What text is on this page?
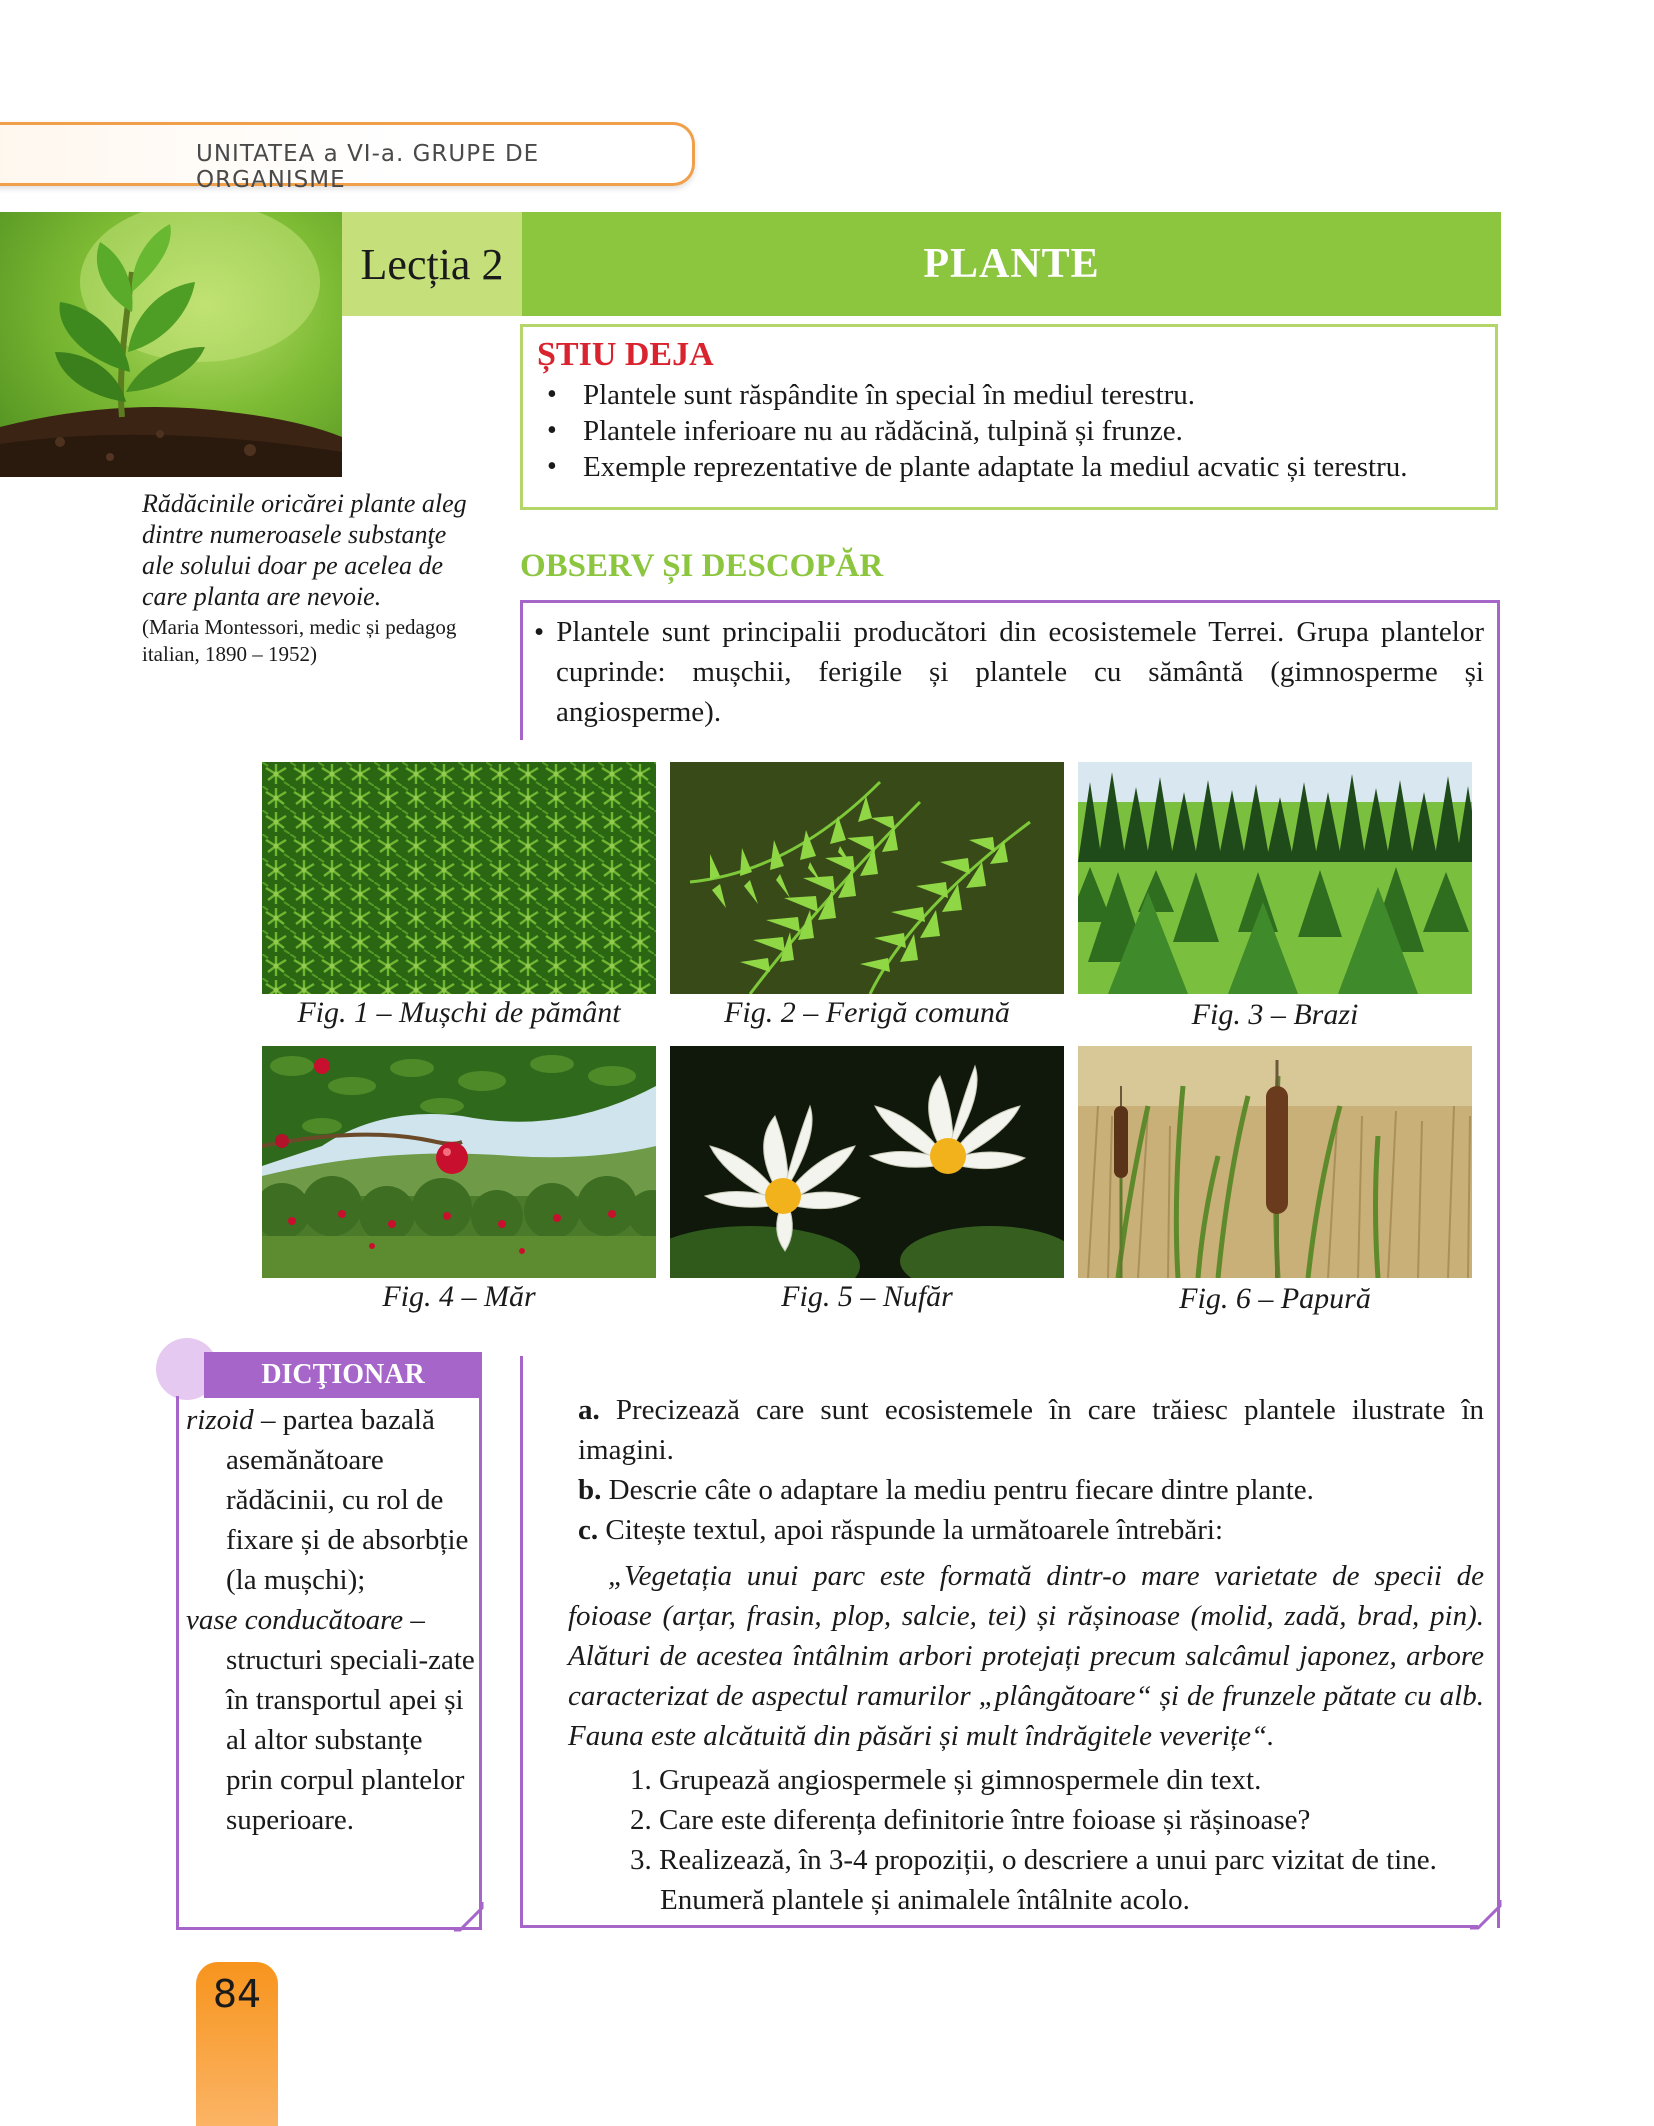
UNITATEA a VI-a. GRUPE DE ORGANISME
Lecția 2	PLANTE
Rădăcinile oricărei plante aleg dintre numeroasele substanţe ale solului doar pe acelea de care planta are nevoie.
(Maria Montessori, medic și pedagog italian, 1890 – 1952)
ȘTIU DEJA
• Plantele sunt răspândite în special în mediul terestru.
• Plantele inferioare nu au rădăcină, tulpină și frunze.
• Exemple reprezentative de plante adaptate la mediul acvatic și terestru.
OBSERV ȘI DESCOPĂR
• Plantele sunt principalii producători din ecosistemele Terrei. Grupa plantelor cuprinde: mușchii, ferigile și plantele cu sământă (gimnosperme și angiosperme).
Fig. 1 – Mușchi de pământ	Fig. 2 – Ferigă comună	Fig. 3 – Brazi
Fig. 4 – Măr	Fig. 5 – Nufăr	Fig. 6 – Papură
DICŢIONAR
rizoid – partea bazală
asemănătoare rădăcinii, cu rol de fixare și de absorbție (la mușchi);
vase conducătoare –
structuri speciali-zate în transportul apei și al altor substanțe prin corpul plantelor superioare.
a. Precizează care sunt ecosistemele în care trăiesc plantele ilustrate în imagini.
b. Descrie câte o adaptare la mediu pentru fiecare dintre plante.
c. Citește textul, apoi răspunde la următoarele întrebări:
„Vegetația unui parc este formată dintr-o mare varietate de specii de foioase (arțar, frasin, plop, salcie, tei) și rășinoase (molid, zadă, brad, pin). Alături de acestea întâlnim arbori protejați precum salcâmul japonez, arbore caracterizat de aspectul ramurilor „plângătoare“ și de frunzele pătate cu alb. Fauna este alcătuită din păsări și mult îndrăgitele veverițe“.
1. Grupează angiospermele și gimnospermele din text.
2. Care este diferența definitorie între foioase și rășinoase?
3. Realizează, în 3-4 propoziții, o descriere a unui parc vizitat de tine. Enumeră plantele și animalele întâlnite acolo.
84
